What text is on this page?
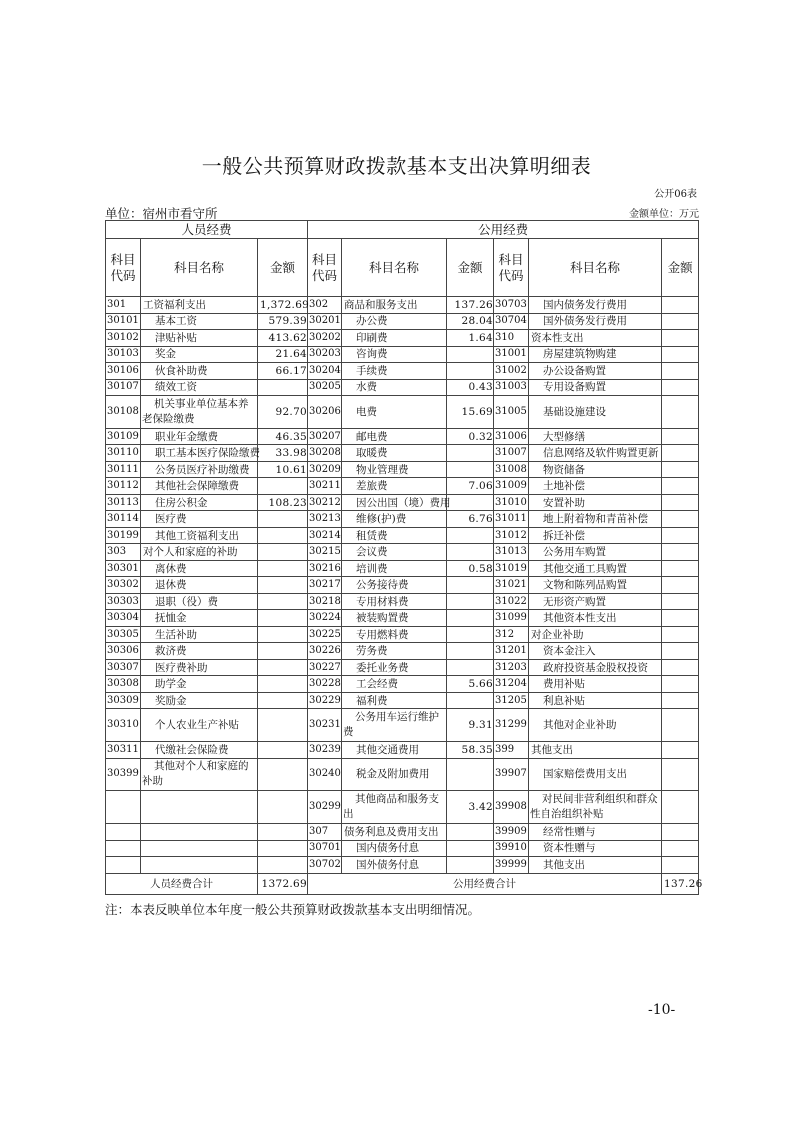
一般公共预算财政拨款基本支出决算明细表
公开06表
单位：宿州市看守所	金额单位：万元
人员经费			公用经费					
科目代码	科目名称	金额	科目代码	科目名称	金额	科目代码	科目名称	金额
301	工资福利支出	1,372.69	302	商品和服务支出	137.26	30703	国内债务发行费用	
30101	基本工资	579.39	30201	办公费	28.04	30704	国外债务发行费用	
30102	津贴补贴	413.62	30202	印刷费	1.64	310	资本性支出	
30103	奖金	21.64	30203	咨询费		31001	房屋建筑物购建	
30106	伙食补助费	66.17	30204	手续费		31002	办公设备购置	
30107	绩效工资		30205	水费	0.43	31003	专用设备购置	
30108	机关事业单位基本养老保险缴费	92.70	30206	电费	15.69	31005	基础设施建设	
30109	职业年金缴费	46.35	30207	邮电费	0.32	31006	大型修缮	
30110	职工基本医疗保险缴费	33.98	30208	取暖费		31007	信息网络及软件购置更新	
30111	公务员医疗补助缴费	10.61	30209	物业管理费		31008	物资储备	
30112	其他社会保障缴费		30211	差旅费	7.06	31009	土地补偿	
30113	住房公积金	108.23	30212	因公出国（境）费用		31010	安置补助	
30114	医疗费		30213	维修(护)费	6.76	31011	地上附着物和青苗补偿	
30199	其他工资福利支出		30214	租赁费		31012	拆迁补偿	
303	对个人和家庭的补助		30215	会议费		31013	公务用车购置	
30301	离休费		30216	培训费	0.58	31019	其他交通工具购置	
30302	退休费		30217	公务接待费		31021	文物和陈列品购置	
30303	退职（役）费		30218	专用材料费		31022	无形资产购置	
30304	抚恤金		30224	被装购置费		31099	其他资本性支出	
30305	生活补助		30225	专用燃料费		312	对企业补助	
30306	救济费		30226	劳务费		31201	资本金注入	
30307	医疗费补助		30227	委托业务费		31203	政府投资基金股权投资	
30308	助学金		30228	工会经费	5.66	31204	费用补贴	
30309	奖励金		30229	福利费		31205	利息补贴	
30310	个人农业生产补贴		30231	公务用车运行维护费	9.31	31299	其他对企业补助	
30311	代缴社会保险费		30239	其他交通费用	58.35	399	其他支出	
30399	其他对个人和家庭的补助		30240	税金及附加费用		39907	国家赔偿费用支出	
			30299	其他商品和服务支出	3.42	39908	对民间非营利组织和群众性自治组织补贴	
			307	债务利息及费用支出		39909	经常性赠与	
			30701	国内债务付息		39910	资本性赠与	
			30702	国外债务付息		39999	其他支出	
人员经费合计		1372.69	公用经费合计					137.26
注：本表反映单位本年度一般公共预算财政拨款基本支出明细情况。
-10-
